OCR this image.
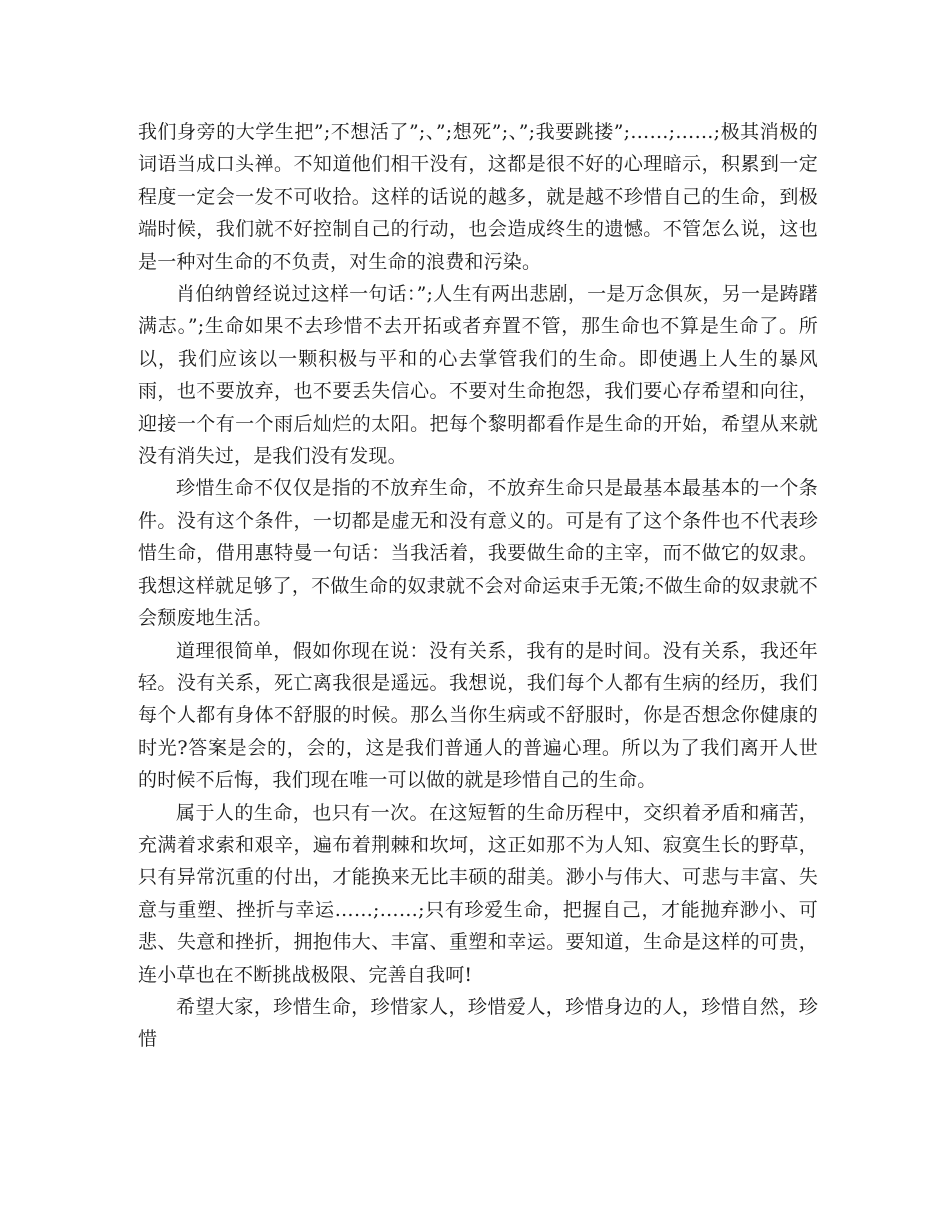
我们身旁的大学生把”;不想活了”;、”;想死”;、”;我要跳搂”;……;……;极其消极的词语当成口头禅。不知道他们相干没有，这都是很不好的心理暗示，积累到一定程度一定会一发不可收拾。这样的话说的越多，就是越不珍惜自己的生命，到极端时候，我们就不好控制自己的行动，也会造成终生的遗憾。不管怎么说，这也是一种对生命的不负责，对生命的浪费和污染。

肖伯纳曾经说过这样一句话：”;人生有两出悲剧，一是万念俱灰，另一是踌躇满志。”;生命如果不去珍惜不去开拓或者弃置不管，那生命也不算是生命了。所以，我们应该以一颗积极与平和的心去掌管我们的生命。即使遇上人生的暴风雨，也不要放弃，也不要丢失信心。不要对生命抱怨，我们要心存希望和向往，迎接一个有一个雨后灿烂的太阳。把每个黎明都看作是生命的开始，希望从来就没有消失过，是我们没有发现。

珍惜生命不仅仅是指的不放弃生命，不放弃生命只是最基本最基本的一个条件。没有这个条件，一切都是虚无和没有意义的。可是有了这个条件也不代表珍惜生命，借用惠特曼一句话：当我活着，我要做生命的主宰，而不做它的奴隶。我想这样就足够了，不做生命的奴隶就不会对命运束手无策;不做生命的奴隶就不会颓废地生活。

道理很简单，假如你现在说：没有关系，我有的是时间。没有关系，我还年轻。没有关系，死亡离我很是遥远。我想说，我们每个人都有生病的经历，我们每个人都有身体不舒服的时候。那么当你生病或不舒服时，你是否想念你健康的时光?答案是会的，会的，这是我们普通人的普遍心理。所以为了我们离开人世的时候不后悔，我们现在唯一可以做的就是珍惜自己的生命。

属于人的生命，也只有一次。在这短暂的生命历程中，交织着矛盾和痛苦，充满着求索和艰辛，遍布着荆棘和坎坷，这正如那不为人知、寂寞生长的野草，只有异常沉重的付出，才能换来无比丰硕的甜美。渺小与伟大、可悲与丰富、失意与重塑、挫折与幸运……;……;只有珍爱生命，把握自己，才能抛弃渺小、可悲、失意和挫折，拥抱伟大、丰富、重塑和幸运。要知道，生命是这样的可贵，连小草也在不断挑战极限、完善自我呵!

希望大家，珍惜生命，珍惜家人，珍惜爱人，珍惜身边的人，珍惜自然，珍惜
